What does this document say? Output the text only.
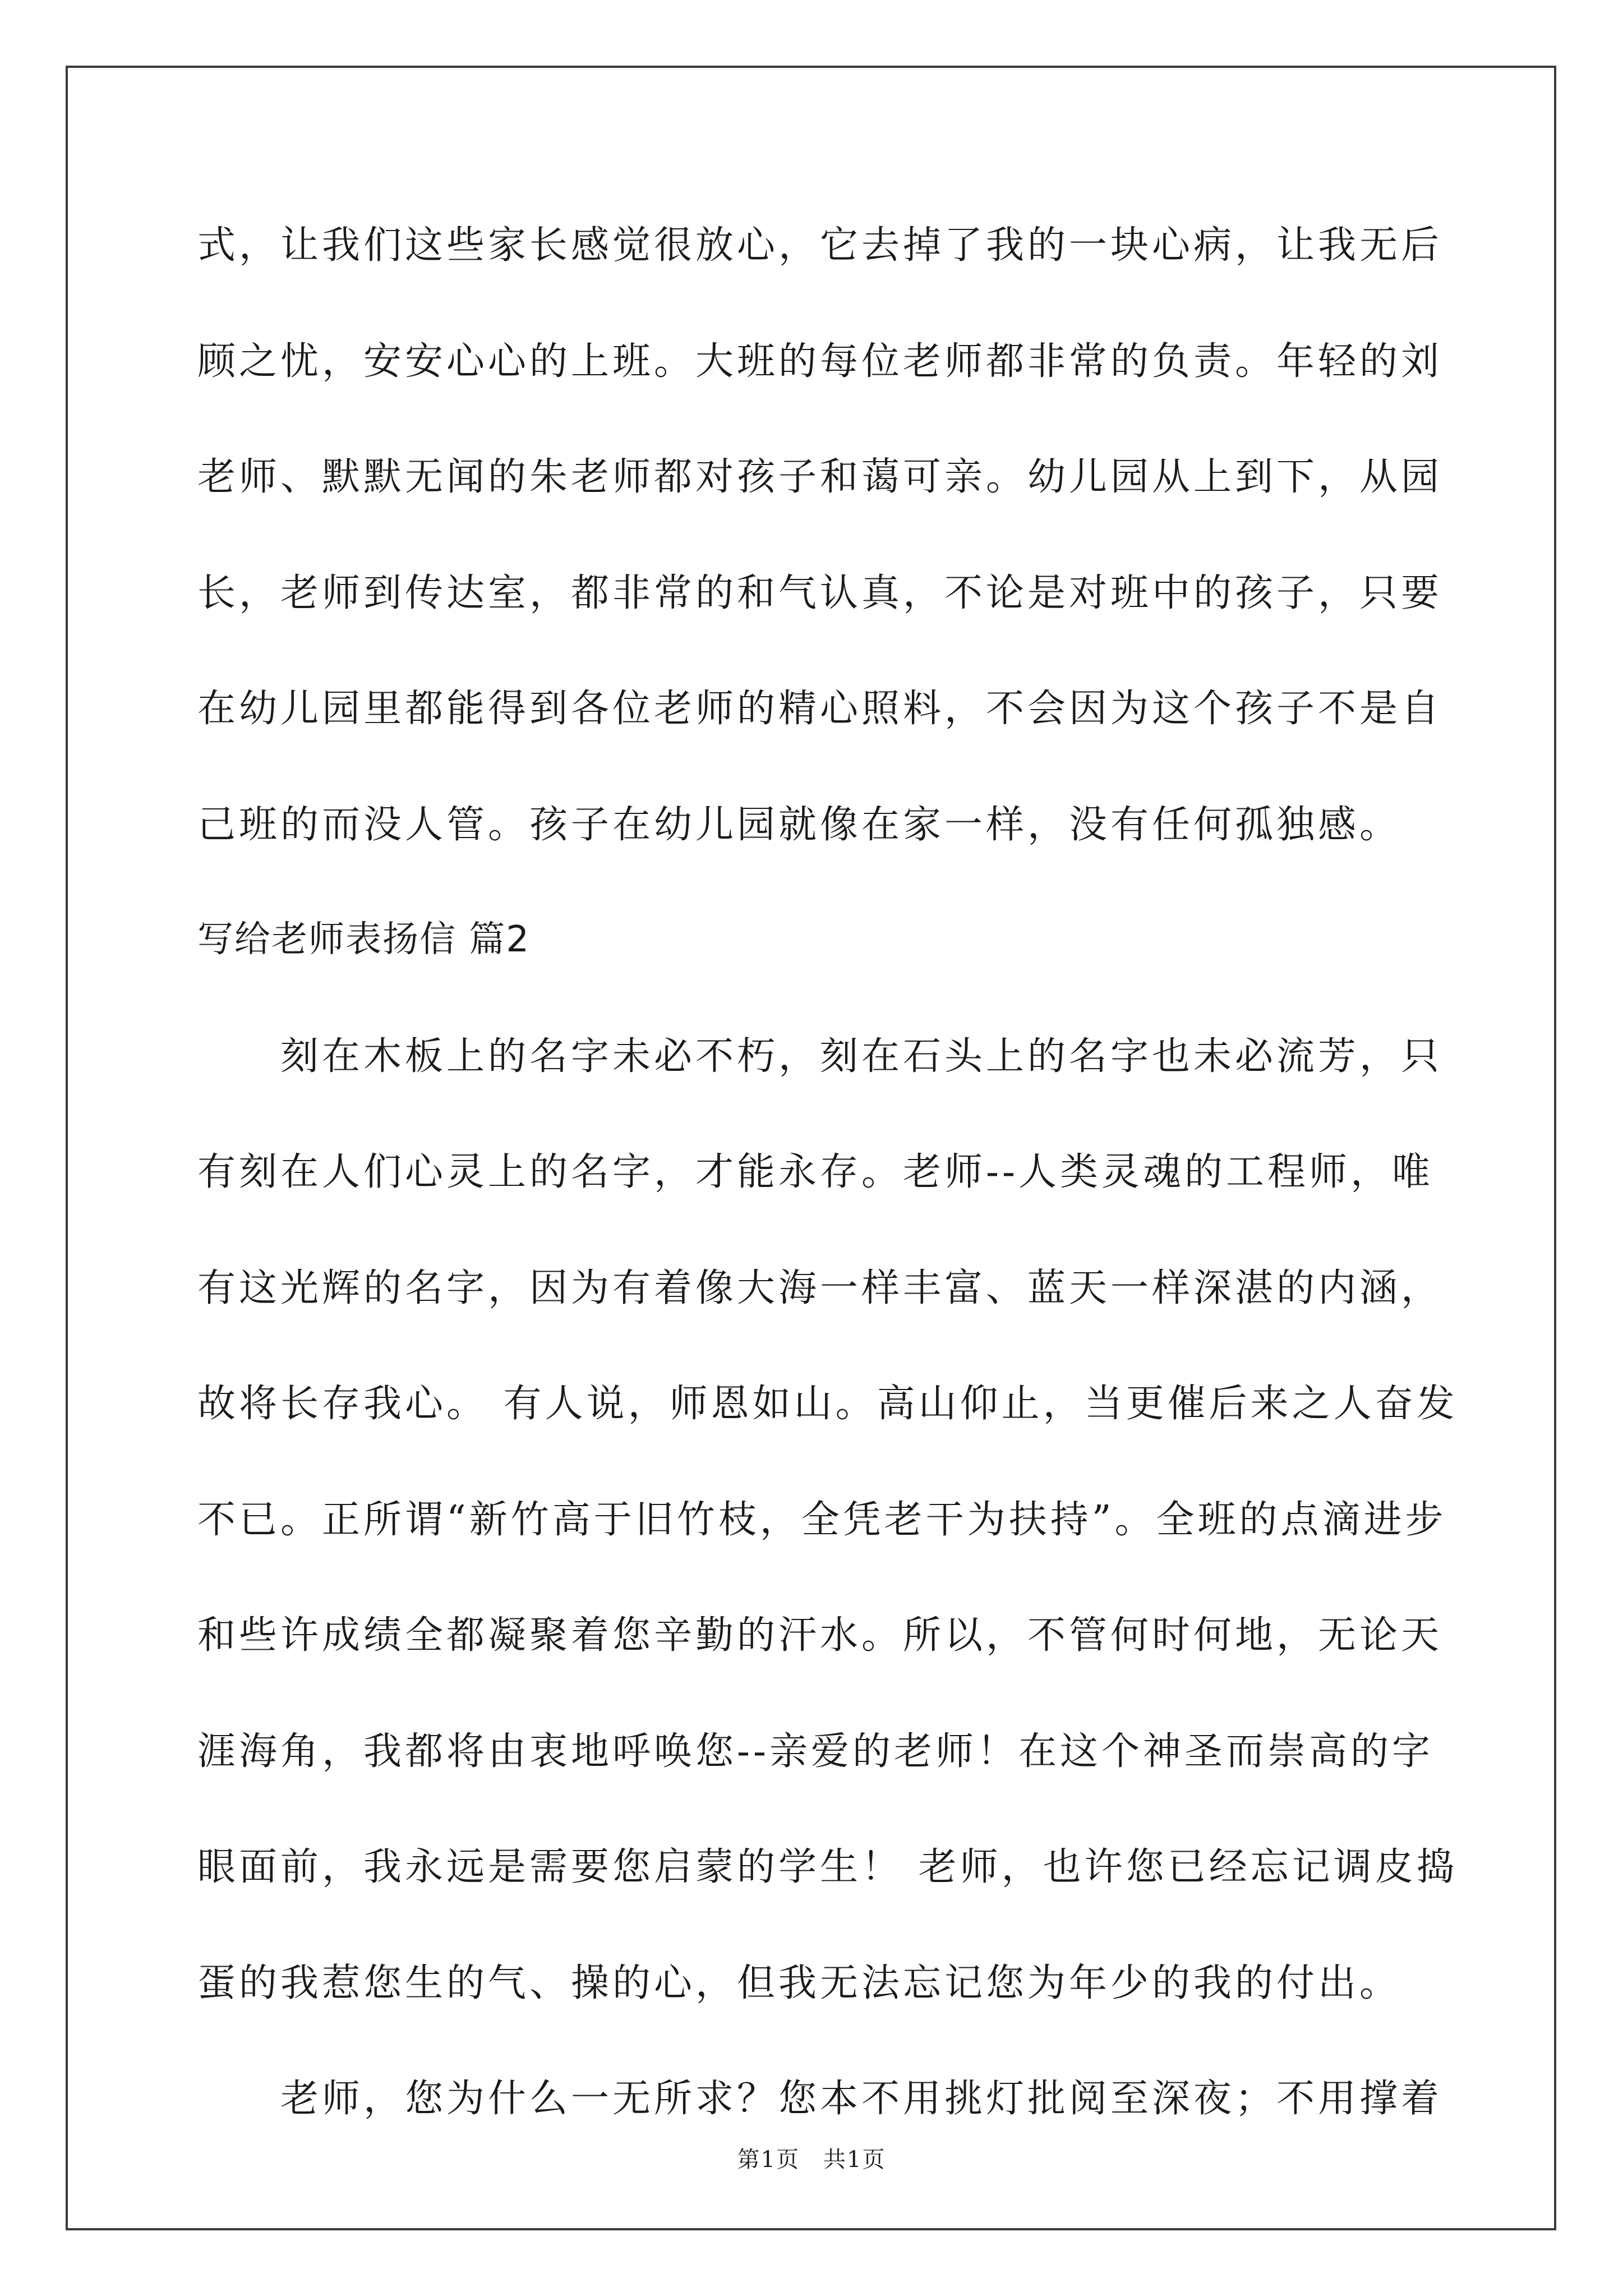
式，让我们这些家长感觉很放心，它去掉了我的一块心病，让我无后
顾之忧，安安心心的上班。大班的每位老师都非常的负责。年轻的刘
老师、默默无闻的朱老师都对孩子和蔼可亲。幼儿园从上到下，从园
长，老师到传达室，都非常的和气认真，不论是对班中的孩子，只要
在幼儿园里都能得到各位老师的精心照料，不会因为这个孩子不是自
己班的而没人管。孩子在幼儿园就像在家一样，没有任何孤独感。
写给老师表扬信 篇2
刻在木板上的名字未必不朽，刻在石头上的名字也未必流芳，只
有刻在人们心灵上的名字，才能永存。老师--人类灵魂的工程师，唯
有这光辉的名字，因为有着像大海一样丰富、蓝天一样深湛的内涵，
故将长存我心。 有人说，师恩如山。高山仰止，当更催后来之人奋发
不已。正所谓“新竹高于旧竹枝，全凭老干为扶持”。全班的点滴进步
和些许成绩全都凝聚着您辛勤的汗水。所以，不管何时何地，无论天
涯海角，我都将由衷地呼唤您--亲爱的老师！在这个神圣而崇高的字
眼面前，我永远是需要您启蒙的学生！ 老师，也许您已经忘记调皮捣
蛋的我惹您生的气、操的心，但我无法忘记您为年少的我的付出。
老师，您为什么一无所求？您本不用挑灯批阅至深夜；不用撑着
第1页　共1页
